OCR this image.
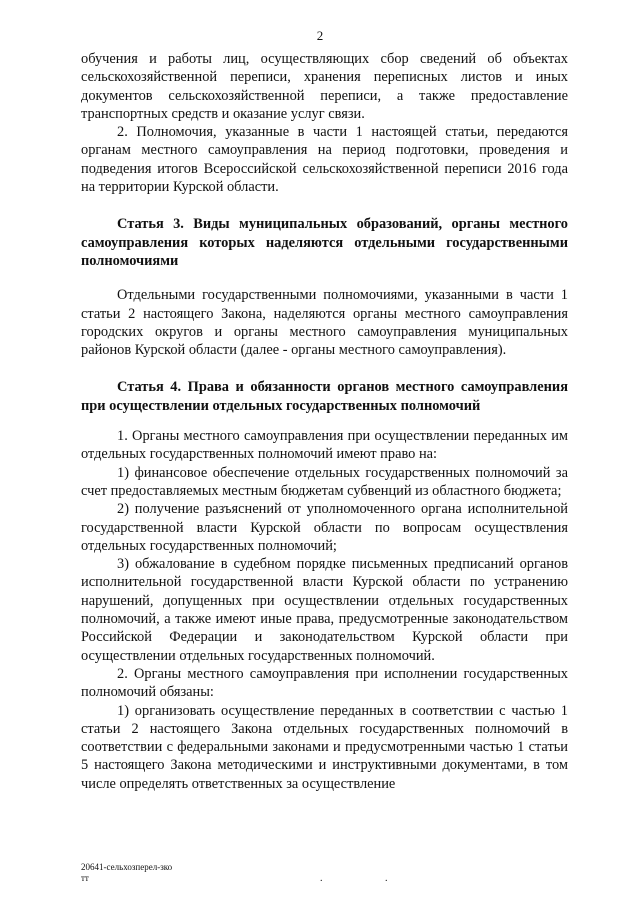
2

обучения и работы лиц, осуществляющих сбор сведений об объектах сельскохозяйственной переписи, хранения переписных листов и иных документов сельскохозяйственной переписи, а также предоставление транспортных средств и оказание услуг связи.

2. Полномочия, указанные в части 1 настоящей статьи, передаются органам местного самоуправления на период подготовки, проведения и подведения итогов Всероссийской сельскохозяйственной переписи 2016 года на территории Курской области.

Статья 3. Виды муниципальных образований, органы местного самоуправления которых наделяются отдельными государственными полномочиями

Отдельными государственными полномочиями, указанными в части 1 статьи 2 настоящего Закона, наделяются органы местного самоуправления городских округов и органы местного самоуправления муниципальных районов Курской области (далее - органы местного самоуправления).

Статья 4. Права и обязанности органов местного самоуправления при осуществлении отдельных государственных полномочий

1. Органы местного самоуправления при осуществлении переданных им отдельных государственных полномочий имеют право на:

1) финансовое обеспечение отдельных государственных полномочий за счет предоставляемых местным бюджетам субвенций из областного бюджета;

2) получение разъяснений от уполномоченного органа исполнительной государственной власти Курской области по вопросам осуществления отдельных государственных полномочий;

3) обжалование в судебном порядке письменных предписаний органов исполнительной государственной власти Курской области по устранению нарушений, допущенных при осуществлении отдельных государственных полномочий, а также имеют иные права, предусмотренные законодательством Российской Федерации и законодательством Курской области при осуществлении отдельных государственных полномочий.

2. Органы местного самоуправления при исполнении государственных полномочий обязаны:

1) организовать осуществление переданных в соответствии с частью 1 статьи 2 настоящего Закона отдельных государственных полномочий в соответствии с федеральными законами и предусмотренными частью 1 статьи 5 настоящего Закона методическими и инструктивными документами, в том числе определять ответственных за осуществление

20641-сельхозперел-зко
тт	. .
